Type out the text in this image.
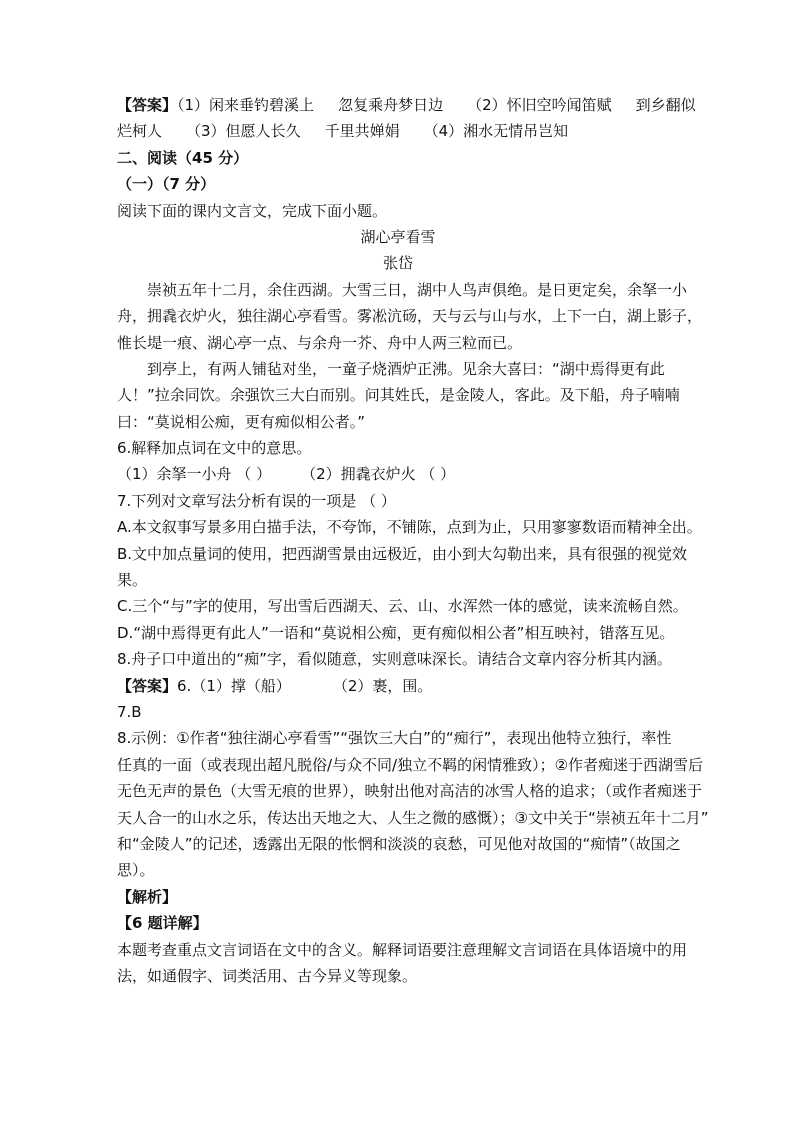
【答案】（1）闲来垂钓碧溪上 忽复乘舟梦日边 （2）怀旧空吟闻笛赋 到乡翻似
烂柯人 （3）但愿人长久 千里共婵娟 （4）湘水无情吊岂知
二、阅读（45 分）
（一）（7 分）
阅读下面的课内文言文，完成下面小题。
湖心亭看雪
张岱
崇祯五年十二月，余住西湖。大雪三日，湖中人鸟声俱绝。是日更定矣，余拏一小
舟，拥毳衣炉火，独往湖心亭看雪。雾凇沆砀，天与云与山与水，上下一白，湖上影子，
惟长堤一痕、湖心亭一点、与余舟一芥、舟中人两三粒而已。
到亭上，有两人铺毡对坐，一童子烧酒炉正沸。见余大喜曰：“湖中焉得更有此
人！”拉余同饮。余强饮三大白而别。问其姓氏，是金陵人，客此。及下船，舟子喃喃
曰：“莫说相公痴，更有痴似相公者。”
6.解释加点词在文中的意思。
（1）余拏一小舟 （ ） （2）拥毳衣炉火 （ ）
7.下列对文章写法分析有误的一项是 （ ）
A.本文叙事写景多用白描手法，不夸饰，不铺陈，点到为止，只用寥寥数语而精神全出。
B.文中加点量词的使用，把西湖雪景由远极近，由小到大勾勒出来，具有很强的视觉效
果。
C.三个“与”字的使用，写出雪后西湖天、云、山、水浑然一体的感觉，读来流畅自然。
D.“湖中焉得更有此人”一语和“莫说相公痴，更有痴似相公者”相互映衬，错落互见。
8.舟子口中道出的“痴”字，看似随意，实则意味深长。请结合文章内容分析其内涵。
【答案】6.（1）撑（船）	（2）裹，围。
7.B
8.示例：①作者“独往湖心亭看雪”“强饮三大白”的“痴行”，表现出他特立独行，率性
任真的一面（或表现出超凡脱俗/与众不同/独立不羁的闲情雅致）；②作者痴迷于西湖雪后
无色无声的景色（大雪无痕的世界），映射出他对高洁的冰雪人格的追求；（或作者痴迷于
天人合一的山水之乐，传达出天地之大、人生之微的感慨）；③文中关于“崇祯五年十二月”
和“金陵人”的记述，透露出无限的怅惘和淡淡的哀愁，可见他对故国的“痴情”（故国之
思）。
【解析】
【6 题详解】
本题考查重点文言词语在文中的含义。解释词语要注意理解文言词语在具体语境中的用
法，如通假字、词类活用、古今异义等现象。
